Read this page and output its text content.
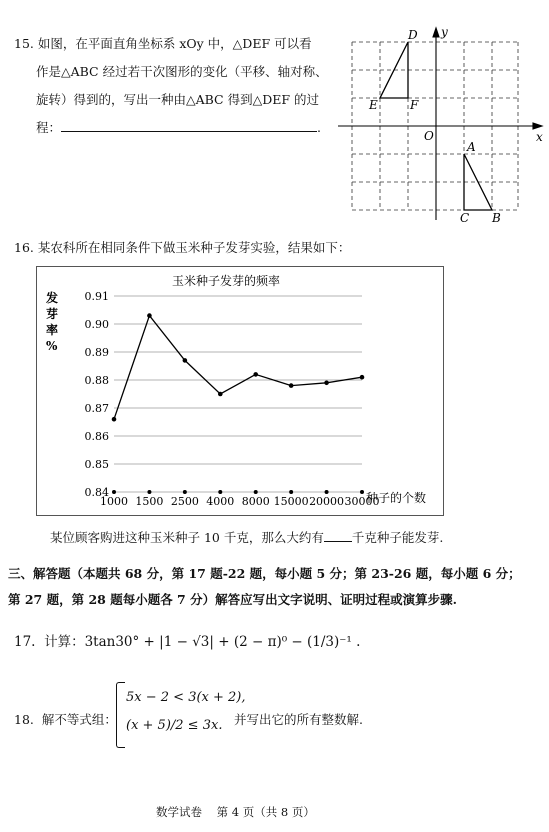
15. 如图，在平面直角坐标系 xOy 中，△DEF 可以看
作是△ABC 经过若干次图形的变化（平移、轴对称、
旋转）得到的，写出一种由△ABC 得到△DEF 的过
程：	.
D
E	F
O	x
y
A
C B
16. 某农科所在相同条件下做玉米种子发芽实验，结果如下：
玉米种子发芽的频率
发
芽
率
%
0.91
0.90
0.89
0.88
0.87
0.86
0.85
0.84
1000 1500 2500 4000 8000 15000 20000 30000
种子的个数
某位顾客购进这种玉米种子 10 千克，那么大约有 千克种子能发芽.
三、解答题（本题共 68 分，第 17 题-22 题，每小题 5 分；第 23-26 题，每小题 6 分；
第 27 题，第 28 题每小题各 7 分）解答应写出文字说明、证明过程或演算步骤.
17. 计算：3tan30° + |1 − √3| + (2 − π)⁰ − (1/3)⁻¹ .
18. 解不等式组：
5x − 2 < 3(x + 2),
(x + 5)/2 ≤ 3x. 并写出它的所有整数解.
数学试卷 第 4 页（共 8 页）
